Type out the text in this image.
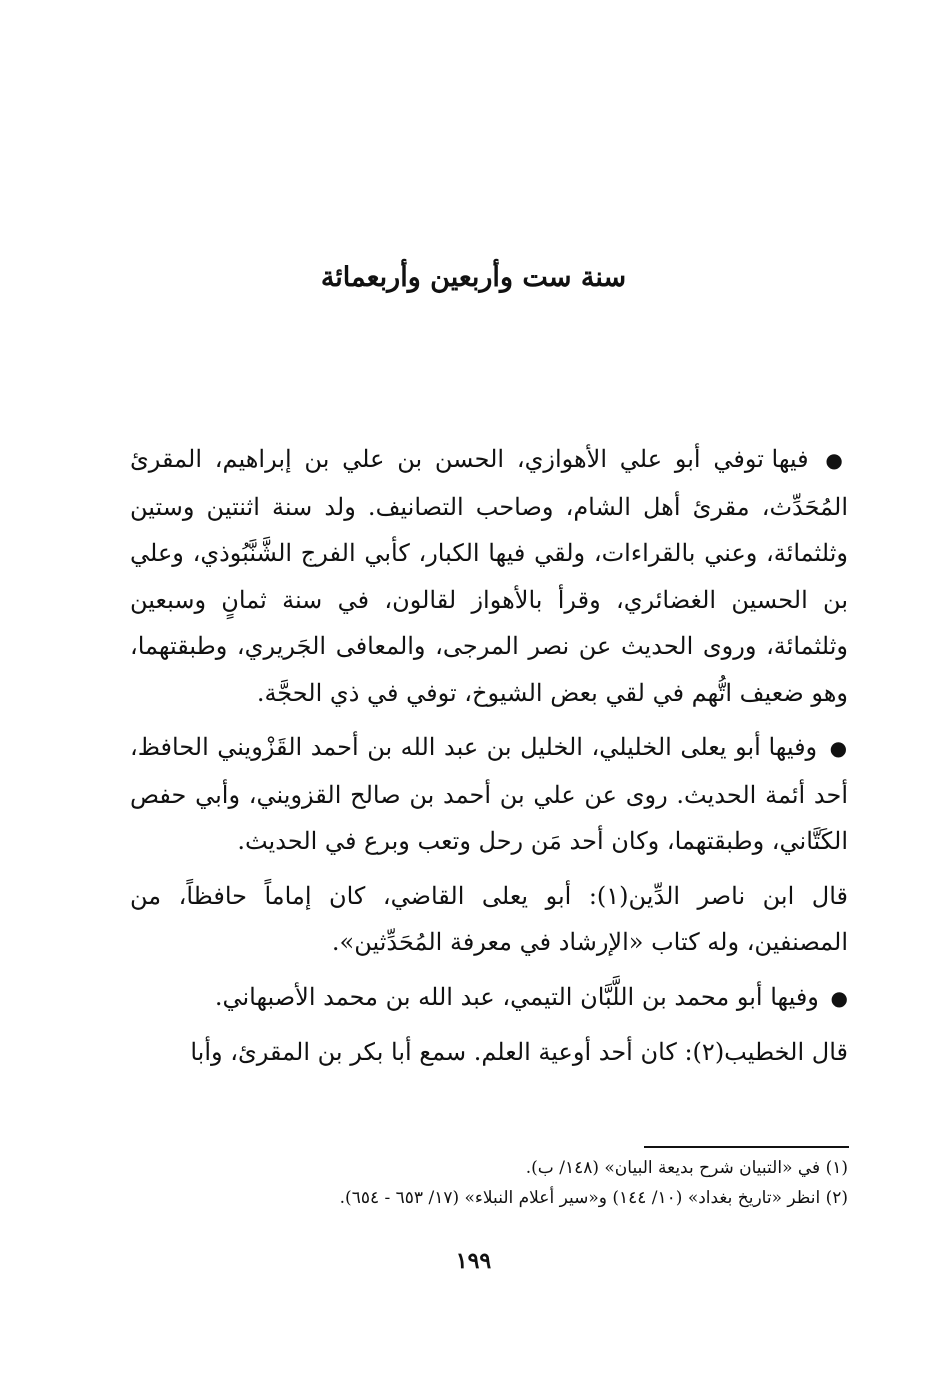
سنة ست وأربعين وأربعمائة

● فيها توفي أبو علي الأهوازي، الحسن بن علي بن إبراهيم، المقرئ المُحَدِّث، مقرئ أهل الشام، وصاحب التصانيف. ولد سنة اثنتين وستين وثلثمائة، وعني بالقراءات، ولقي فيها الكبار، كأبي الفرج الشَّنَّبُوذي، وعلي بن الحسين الغضائري، وقرأ بالأهواز لقالون، في سنة ثمانٍ وسبعين وثلثمائة، وروى الحديث عن نصر المرجى، والمعافى الجَريري، وطبقتهما، وهو ضعيف اتُّهم في لقي بعض الشيوخ، توفي في ذي الحجَّة.

● وفيها أبو يعلى الخليلي، الخليل بن عبد الله بن أحمد القَزْويني الحافظ، أحد أئمة الحديث. روى عن علي بن أحمد بن صالح القزويني، وأبي حفص الكَتَّاني، وطبقتهما، وكان أحد مَن رحل وتعب وبرع في الحديث.

قال ابن ناصر الدِّين(١): أبو يعلى القاضي، كان إماماً حافظاً، من المصنفين، وله كتاب «الإرشاد في معرفة المُحَدِّثين».

● وفيها أبو محمد بن اللَّبَّان التيمي، عبد الله بن محمد الأصبهاني.

قال الخطيب(٢): كان أحد أوعية العلم. سمع أبا بكر بن المقرئ، وأبا

(١) في «التبيان شرح بديعة البيان» (١٤٨/ ب).

(٢) انظر «تاريخ بغداد» (١٠/ ١٤٤) و«سير أعلام النبلاء» (١٧/ ٦٥٣ - ٦٥٤).

١٩٩
